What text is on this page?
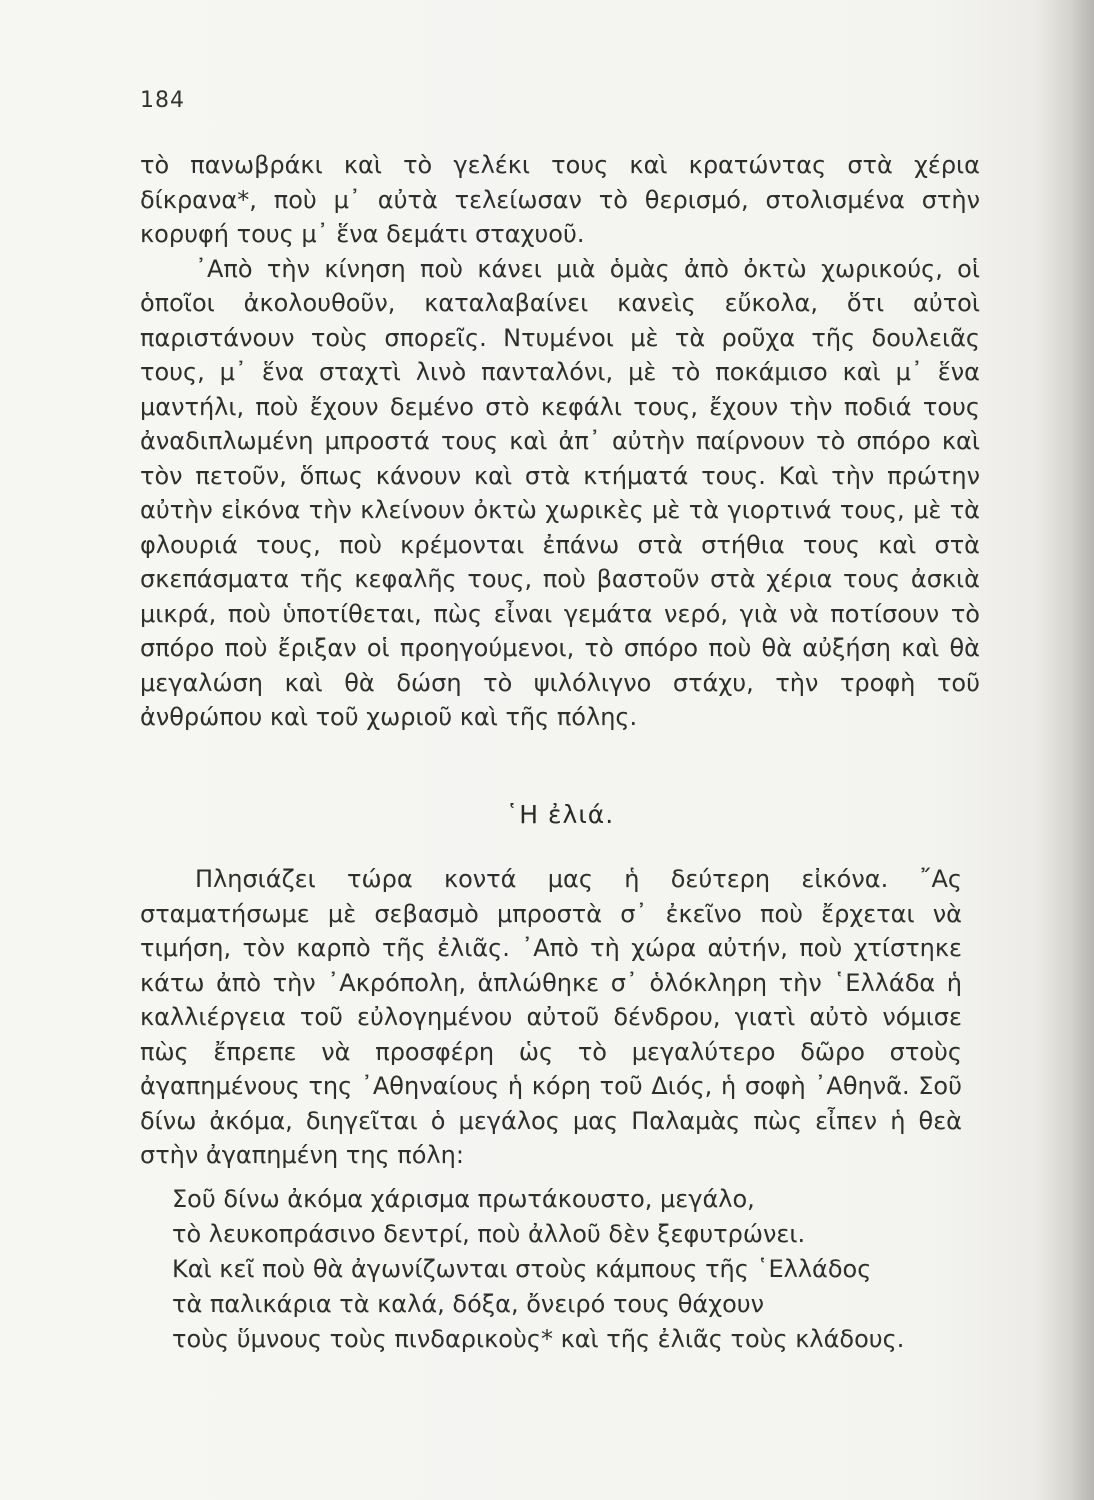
184

τὸ πανωβράκι καὶ τὸ γελέκι τους καὶ κρατώντας στὰ χέρια δίκρανα*, ποὺ μ᾿ αὐτὰ τελείωσαν τὸ θερισμό, στολισμένα στὴν κορυφή τους μ᾿ ἕνα δεμάτι σταχυοῦ.

᾿Απὸ τὴν κίνηση ποὺ κάνει μιὰ ὁμὰς ἀπὸ ὀκτὼ χωρικούς, οἱ ὁποῖοι ἀκολουθοῦν, καταλαβαίνει κανεὶς εὔκολα, ὅτι αὐτοὶ παριστάνουν τοὺς σπορεῖς. Ντυμένοι μὲ τὰ ροῦχα τῆς δουλειᾶς τους, μ᾿ ἕνα σταχτὶ λινὸ πανταλόνι, μὲ τὸ ποκάμισο καὶ μ᾿ ἕνα μαντήλι, ποὺ ἔχουν δεμένο στὸ κεφάλι τους, ἔχουν τὴν ποδιά τους ἀναδιπλωμένη μπροστά τους καὶ ἀπ᾿ αὐτὴν παίρνουν τὸ σπόρο καὶ τὸν πετοῦν, ὅπως κάνουν καὶ στὰ κτήματά τους. Καὶ τὴν πρώτην αὐτὴν εἰκόνα τὴν κλείνουν ὀκτὼ χωρικὲς μὲ τὰ γιορτινά τους, μὲ τὰ φλουριά τους, ποὺ κρέμονται ἐπάνω στὰ στήθια τους καὶ στὰ σκεπάσματα τῆς κεφαλῆς τους, ποὺ βαστοῦν στὰ χέρια τους ἀσκιὰ μικρά, ποὺ ὑποτίθεται, πὼς εἶναι γεμάτα νερό, γιὰ νὰ ποτίσουν τὸ σπόρο ποὺ ἔριξαν οἱ προηγούμενοι, τὸ σπόρο ποὺ θὰ αὐξήση καὶ θὰ μεγαλώση καὶ θὰ δώση τὸ ψιλόλιγνο στάχυ, τὴν τροφὴ τοῦ ἀνθρώπου καὶ τοῦ χωριοῦ καὶ τῆς πόλης.

῾Η ἐλιά.

Πλησιάζει τώρα κοντά μας ἡ δεύτερη εἰκόνα. ῎Ας σταματήσωμε μὲ σεβασμὸ μπροστὰ σ᾿ ἐκεῖνο ποὺ ἔρχεται νὰ τιμήση, τὸν καρπὸ τῆς ἐλιᾶς. ᾿Απὸ τὴ χώρα αὐτήν, ποὺ χτίστηκε κάτω ἀπὸ τὴν ᾿Ακρόπολη, ἁπλώθηκε σ᾿ ὁλόκληρη τὴν ῾Ελλάδα ἡ καλλιέργεια τοῦ εὐλογημένου αὐτοῦ δένδρου, γιατὶ αὐτὸ νόμισε πὼς ἔπρεπε νὰ προσφέρη ὡς τὸ μεγαλύτερο δῶρο στοὺς ἀγαπημένους της ᾿Αθηναίους ἡ κόρη τοῦ Διός, ἡ σοφὴ ᾿Αθηνᾶ. Σοῦ δίνω ἀκόμα, διηγεῖται ὁ μεγάλος μας Παλαμὰς πὼς εἶπεν ἡ θεὰ στὴν ἀγαπημένη της πόλη:

Σοῦ δίνω ἀκόμα χάρισμα πρωτάκουστο, μεγάλο,
τὸ λευκοπράσινο δεντρί, ποὺ ἀλλοῦ δὲν ξεφυτρώνει.
Καὶ κεῖ ποὺ θὰ ἀγωνίζωνται στοὺς κάμπους τῆς ῾Ελλάδος
τὰ παλικάρια τὰ καλά, δόξα, ὄνειρό τους θάχουν
τοὺς ὕμνους τοὺς πινδαρικοὺς* καὶ τῆς ἐλιᾶς τοὺς κλάδους.
